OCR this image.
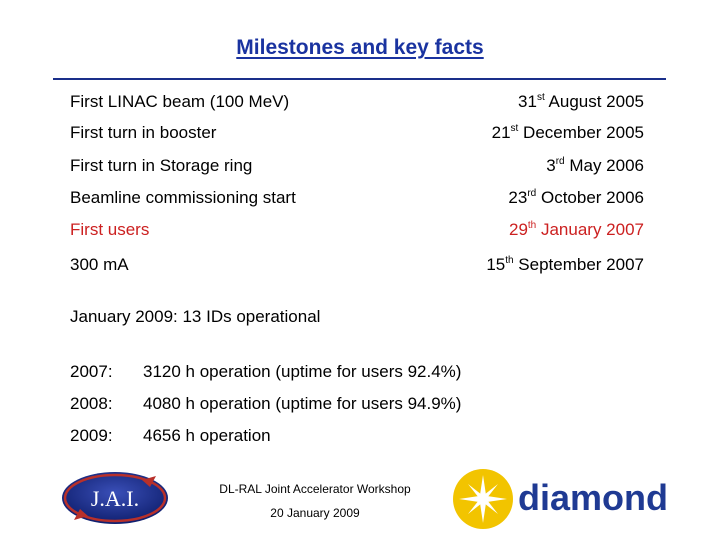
Milestones and key facts
First LINAC beam (100 MeV)	31st August 2005
First turn in booster	21st December 2005
First turn in Storage ring	3rd May 2006
Beamline commissioning start	23rd October 2006
First users	29th January 2007
300 mA	15th September 2007
January 2009: 13 IDs operational
2007: 3120 h operation (uptime for users 92.4%)
2008: 4080 h operation (uptime for users 94.9%)
2009: 4656 h operation
J.A.I.	DL-RAL Joint Accelerator Workshop
20 January 2009	diamond
